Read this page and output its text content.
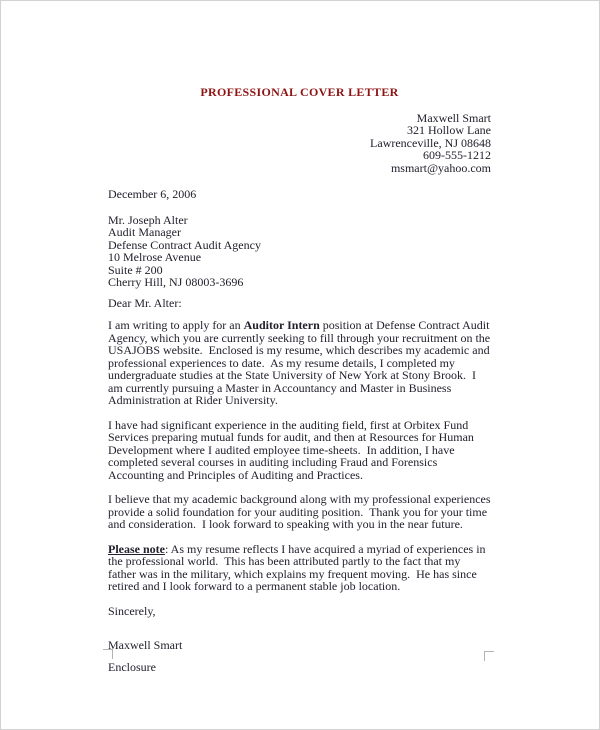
PROFESSIONAL COVER LETTER
Maxwell Smart
321 Hollow Lane
Lawrenceville, NJ 08648
609-555-1212
msmart@yahoo.com
December 6, 2006
Mr. Joseph Alter
Audit Manager
Defense Contract Audit Agency
10 Melrose Avenue
Suite # 200
Cherry Hill, NJ 08003-3696
Dear Mr. Alter:

I am writing to apply for an Auditor Intern position at Defense Contract Audit Agency, which you are currently seeking to fill through your recruitment on the USAJOBS website.  Enclosed is my resume, which describes my academic and professional experiences to date.  As my resume details, I completed my undergraduate studies at the State University of New York at Stony Brook.  I am currently pursuing a Master in Accountancy and Master in Business Administration at Rider University.

I have had significant experience in the auditing field, first at Orbitex Fund Services preparing mutual funds for audit, and then at Resources for Human Development where I audited employee time-sheets.  In addition, I have completed several courses in auditing including Fraud and Forensics Accounting and Principles of Auditing and Practices.

I believe that my academic background along with my professional experiences provide a solid foundation for your auditing position.  Thank you for your time and consideration.  I look forward to speaking with you in the near future.

Please note: As my resume reflects I have acquired a myriad of experiences in the professional world.  This has been attributed partly to the fact that my father was in the military, which explains my frequent moving.  He has since retired and I look forward to a permanent stable job location.

Sincerely,
Maxwell Smart
Enclosure
